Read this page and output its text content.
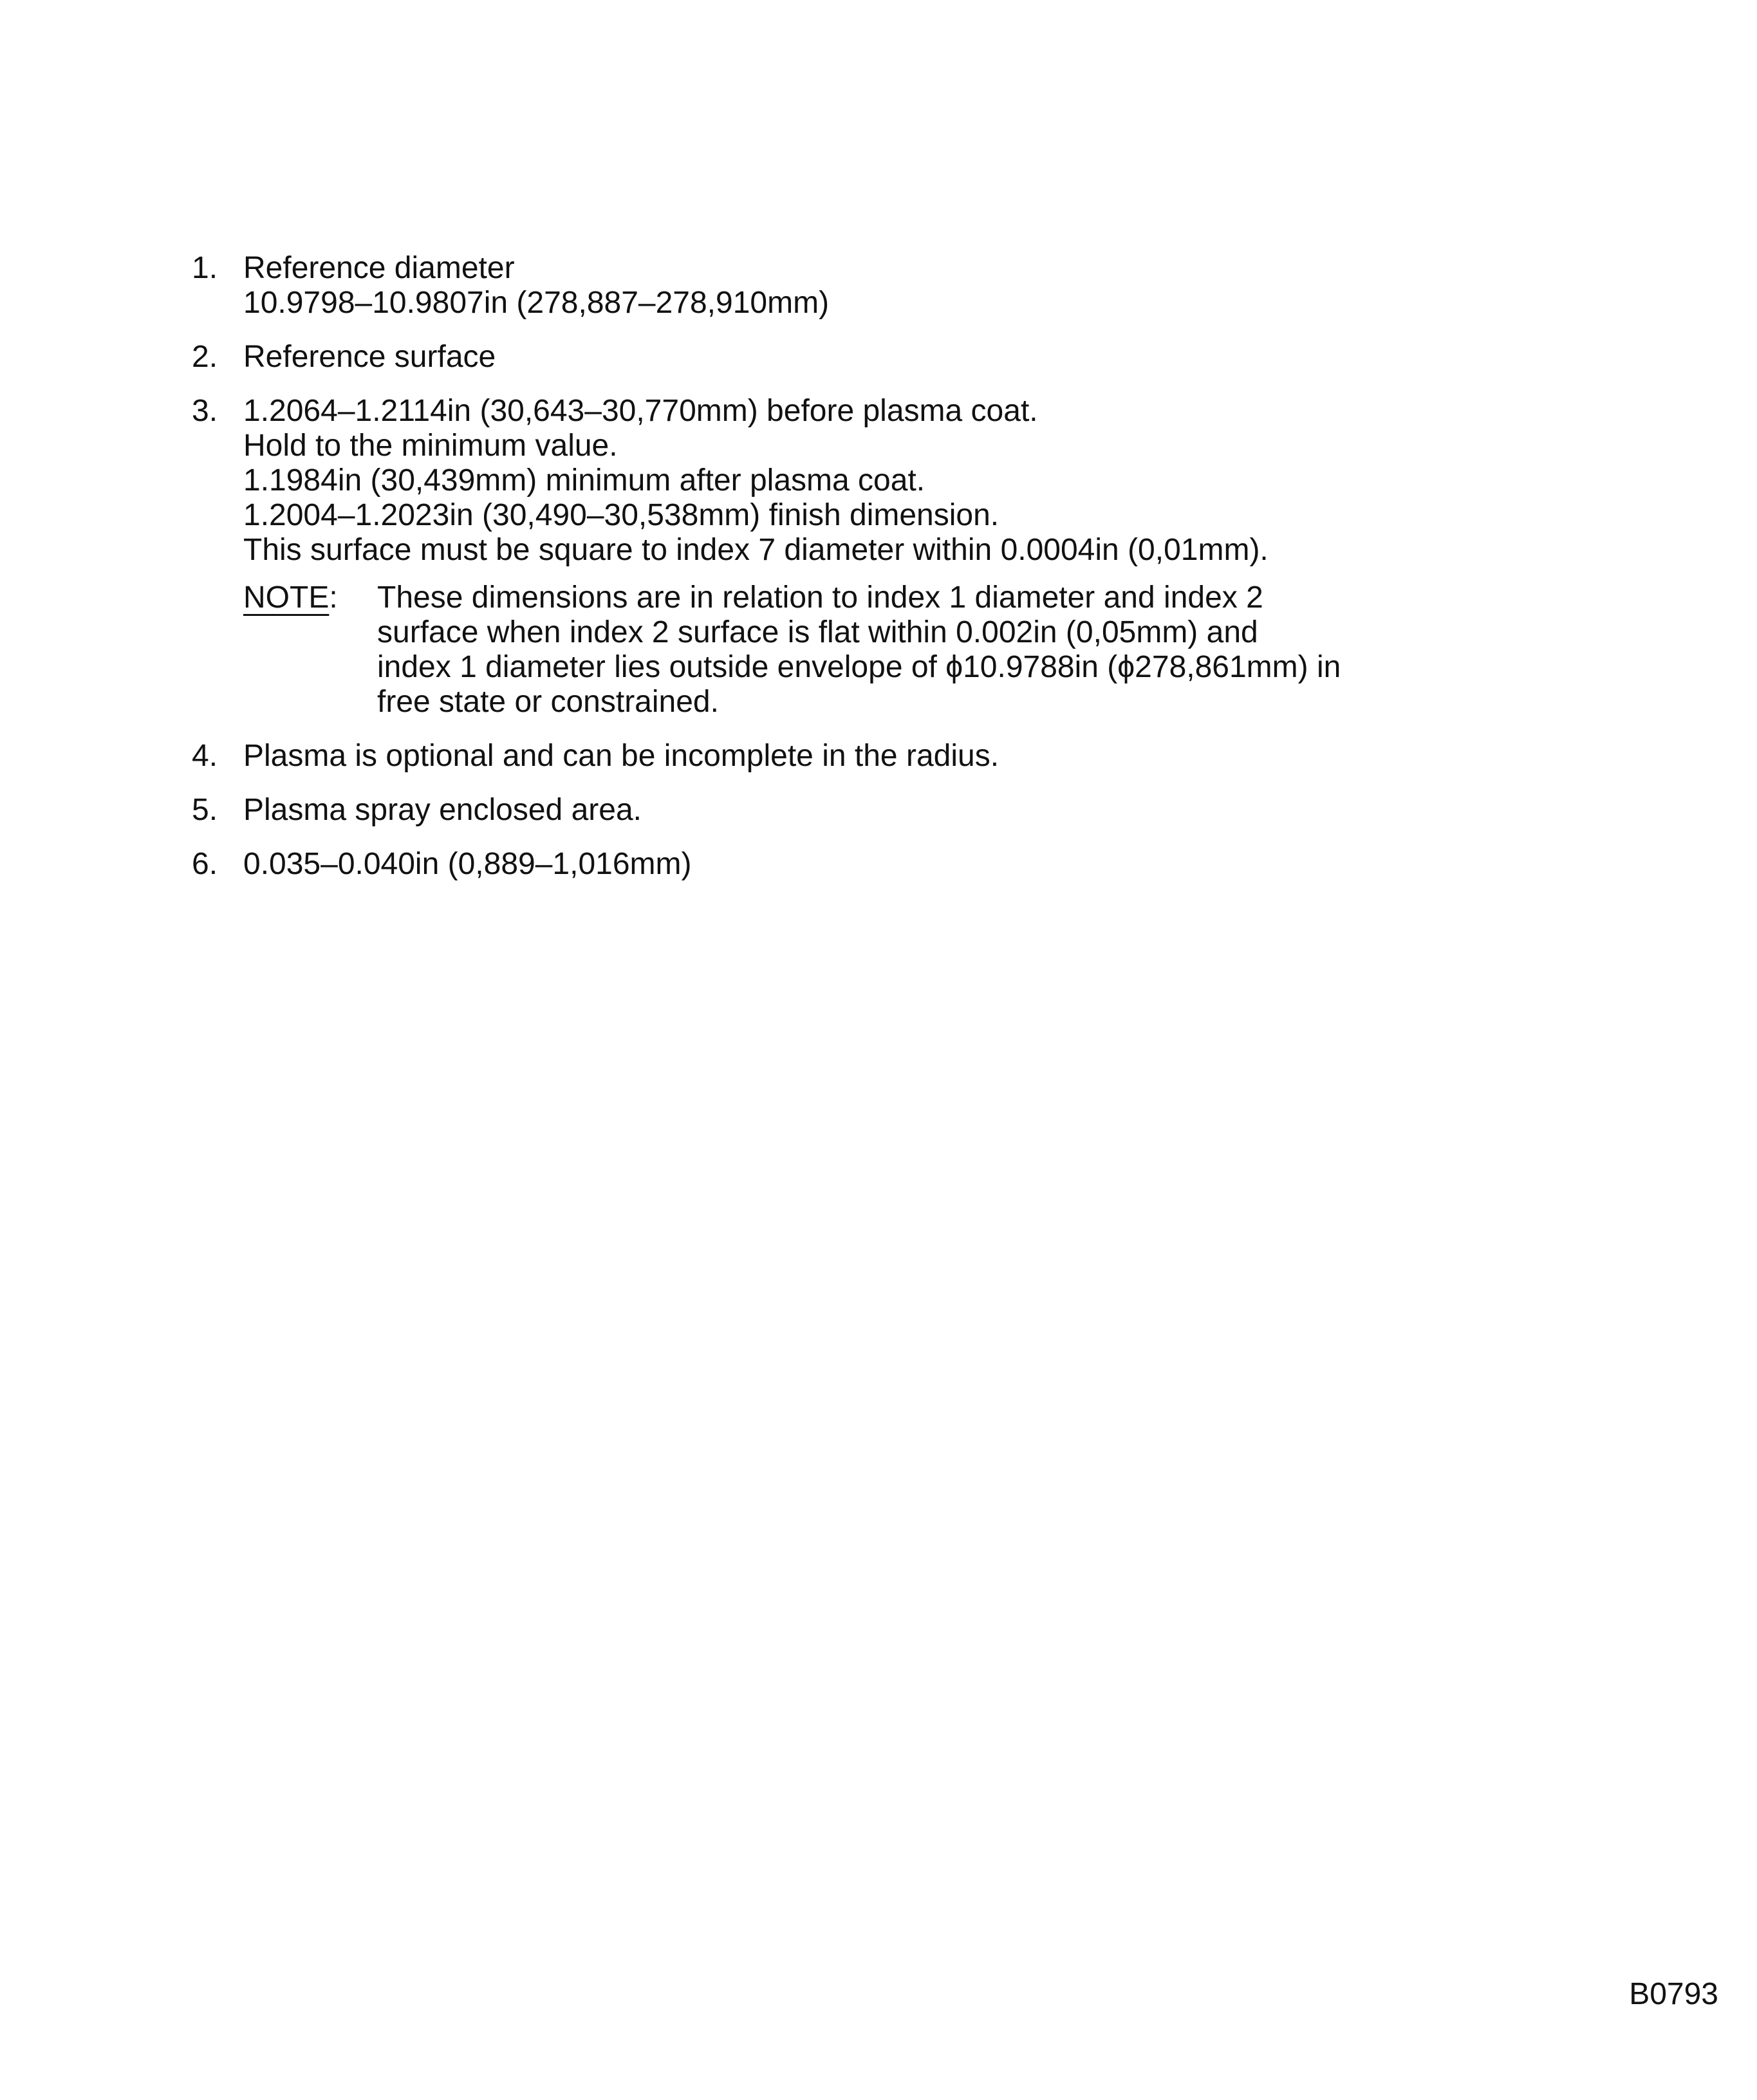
1. Reference diameter
10.9798–10.9807in (278,887–278,910mm)
2. Reference surface
3. 1.2064–1.2114in (30,643–30,770mm) before plasma coat.
Hold to the minimum value.
1.1984in (30,439mm) minimum after plasma coat.
1.2004–1.2023in (30,490–30,538mm) finish dimension.
This surface must be square to index 7 diameter within 0.0004in (0,01mm).
NOTE:	These dimensions are in relation to index 1 diameter and index 2
surface when index 2 surface is flat within 0.002in (0,05mm) and
index 1 diameter lies outside envelope of ϕ10.9788in (ϕ278,861mm) in
free state or constrained.
4. Plasma is optional and can be incomplete in the radius.
5. Plasma spray enclosed area.
6. 0.035–0.040in (0,889–1,016mm)
B0793
